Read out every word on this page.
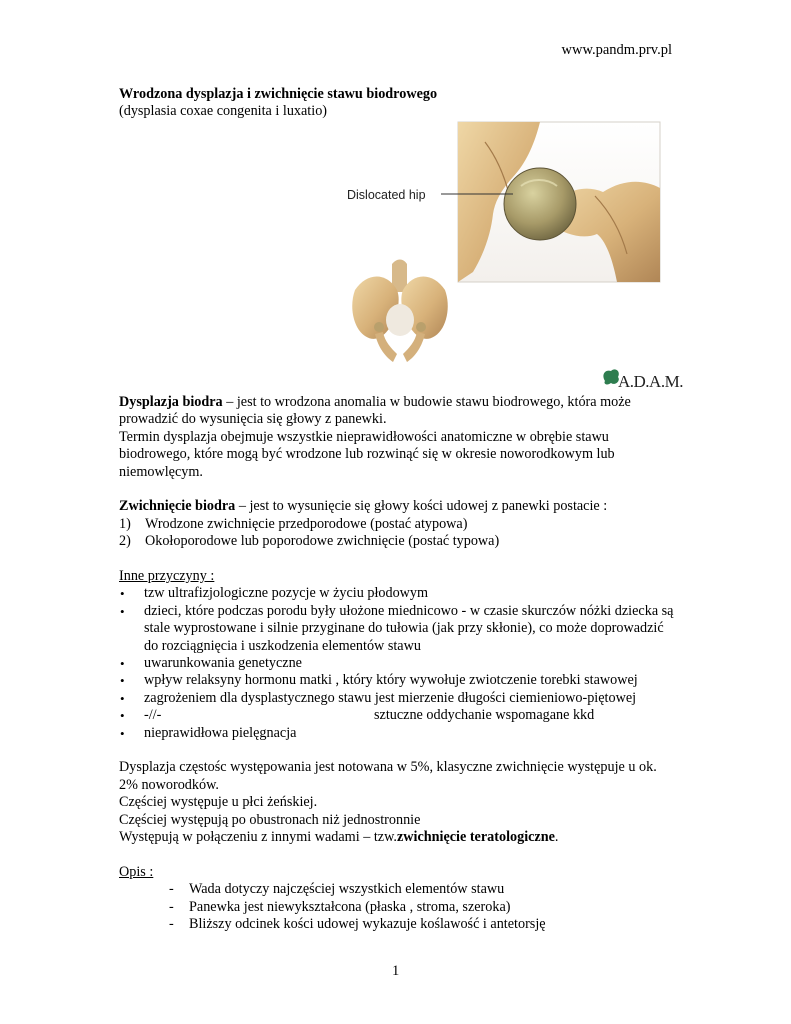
www.pandm.prv.pl
Wrodzona dysplazja i zwichnięcie stawu biodrowego
(dysplasia coxae congenita i luxatio)
Dislocated hip
A.D.A.M.

Dysplazja biodra – jest to wrodzona anomalia w budowie stawu biodrowego, która może prowadzić do wysunięcia się głowy z panewki.

Termin dysplazja obejmuje wszystkie nieprawidłowości anatomiczne w obrębie stawu biodrowego, które mogą być wrodzone lub rozwinąć się w okresie noworodkowym lub niemowlęcym.

Zwichnięcie biodra – jest to wysunięcie się głowy kości udowej z panewki postacie :

1) Wrodzone zwichnięcie przedporodowe (postać atypowa)
2) Okołoporodowe lub poporodowe zwichnięcie (postać typowa)

Inne przyczyny :

• tzw ultrafizjologiczne pozycje w życiu płodowym
• dzieci, które podczas porodu były ułożone miednicowo - w czasie skurczów nóżki dziecka są stale wyprostowane i silnie przyginane do tułowia (jak przy skłonie), co może doprowadzić do rozciągnięcia i uszkodzenia elementów stawu
• uwarunkowania genetyczne
• wpływ relaksyny hormonu matki , który który wywołuje zwiotczenie torebki stawowej
• zagrożeniem dla dysplastycznego stawu jest mierzenie długości ciemieniowo-piętowej
• -//-	sztuczne oddychanie wspomagane kkd
• nieprawidłowa pielęgnacja

Dysplazja częstośc występowania jest notowana w 5%, klasyczne zwichnięcie występuje u ok. 2% noworodków.

Częściej występuje u płci żeńskiej.

Częściej występują po obustronach niż jednostronnie

Występują w połączeniu z innymi wadami – tzw.zwichnięcie teratologiczne.

Opis :

- Wada dotyczy najczęściej wszystkich elementów stawu
- Panewka jest niewykształcona (płaska , stroma, szeroka)
- Bliższy odcinek kości udowej wykazuje koślawość i antetorsję
1
